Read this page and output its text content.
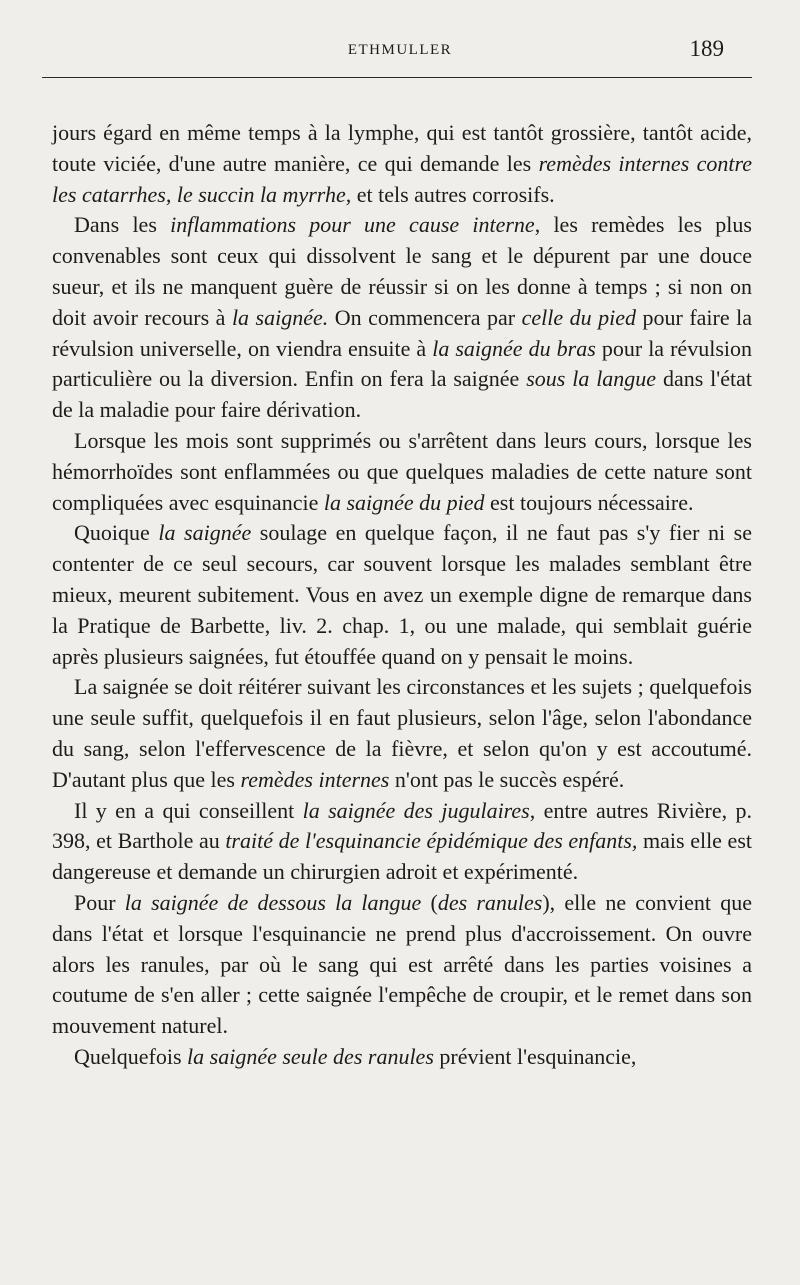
ETHMULLER	189

jours égard en même temps à la lymphe, qui est tantôt grossière, tantôt acide, toute viciée, d'une autre manière, ce qui demande les remèdes internes contre les catarrhes, le succin la myrrhe, et tels autres corrosifs.

Dans les inflammations pour une cause interne, les remèdes les plus convenables sont ceux qui dissolvent le sang et le dépurent par une douce sueur, et ils ne manquent guère de réussir si on les donne à temps ; si non on doit avoir recours à la saignée. On commencera par celle du pied pour faire la révulsion universelle, on viendra ensuite à la saignée du bras pour la révulsion particulière ou la diversion. Enfin on fera la saignée sous la langue dans l'état de la maladie pour faire dérivation.

Lorsque les mois sont supprimés ou s'arrêtent dans leurs cours, lorsque les hémorrhoïdes sont enflammées ou que quelques maladies de cette nature sont compliquées avec esquinancie la saignée du pied est toujours nécessaire.

Quoique la saignée soulage en quelque façon, il ne faut pas s'y fier ni se contenter de ce seul secours, car souvent lorsque les malades semblant être mieux, meurent subitement. Vous en avez un exemple digne de remarque dans la Pratique de Barbette, liv. 2. chap. 1, ou une malade, qui semblait guérie après plusieurs saignées, fut étouffée quand on y pensait le moins.

La saignée se doit réitérer suivant les circonstances et les sujets ; quelquefois une seule suffit, quelquefois il en faut plusieurs, selon l'âge, selon l'abondance du sang, selon l'effervescence de la fièvre, et selon qu'on y est accoutumé. D'autant plus que les remèdes internes n'ont pas le succès espéré.

Il y en a qui conseillent la saignée des jugulaires, entre autres Rivière, p. 398, et Barthole au traité de l'esquinancie épidémique des enfants, mais elle est dangereuse et demande un chirurgien adroit et expérimenté.

Pour la saignée de dessous la langue (des ranules), elle ne convient que dans l'état et lorsque l'esquinancie ne prend plus d'accroissement. On ouvre alors les ranules, par où le sang qui est arrêté dans les parties voisines a coutume de s'en aller ; cette saignée l'empêche de croupir, et le remet dans son mouvement naturel.

Quelquefois la saignée seule des ranules prévient l'esquinancie,
